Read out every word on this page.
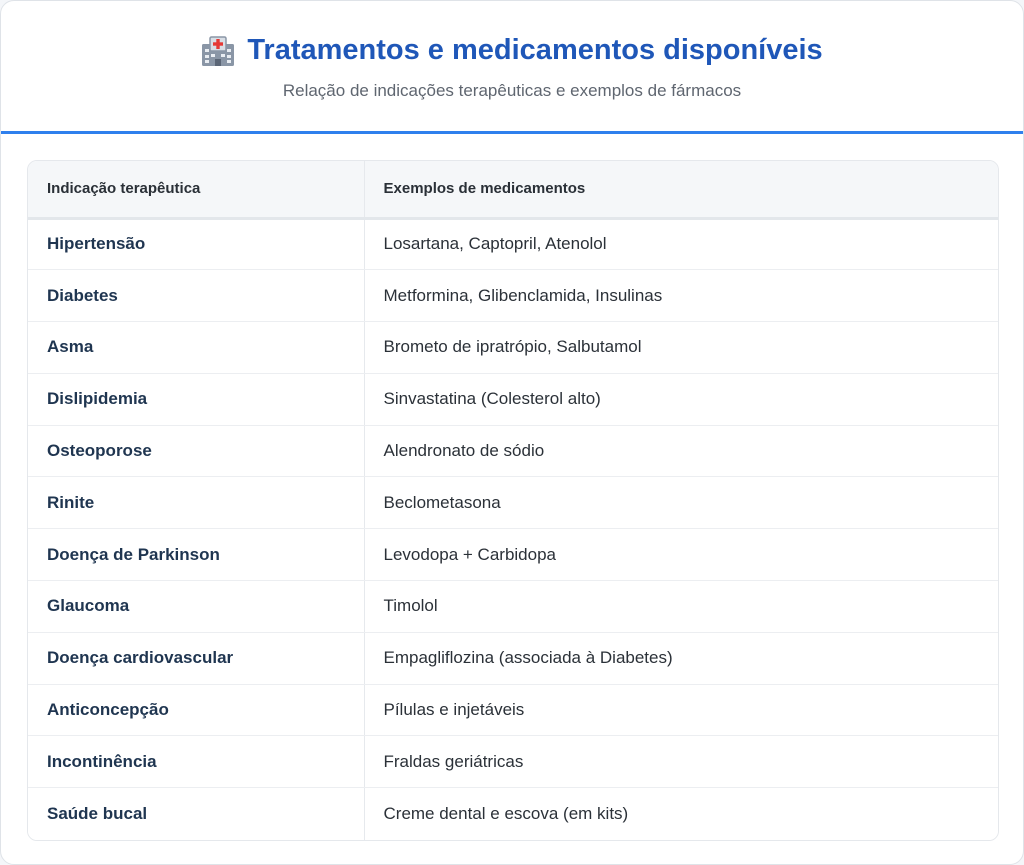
Tratamentos e medicamentos disponíveis

Relação de indicações terapêuticas e exemplos de fármacos

Indicação terapêutica	Exemplos de medicamentos
Hipertensão	Losartana, Captopril, Atenolol
Diabetes	Metformina, Glibenclamida, Insulinas
Asma	Brometo de ipratrópio, Salbutamol
Dislipidemia	Sinvastatina (Colesterol alto)
Osteoporose	Alendronato de sódio
Rinite	Beclometasona
Doença de Parkinson	Levodopa + Carbidopa
Glaucoma	Timolol
Doença cardiovascular	Empagliflozina (associada à Diabetes)
Anticoncepção	Pílulas e injetáveis
Incontinência	Fraldas geriátricas
Saúde bucal	Creme dental e escova (em kits)
